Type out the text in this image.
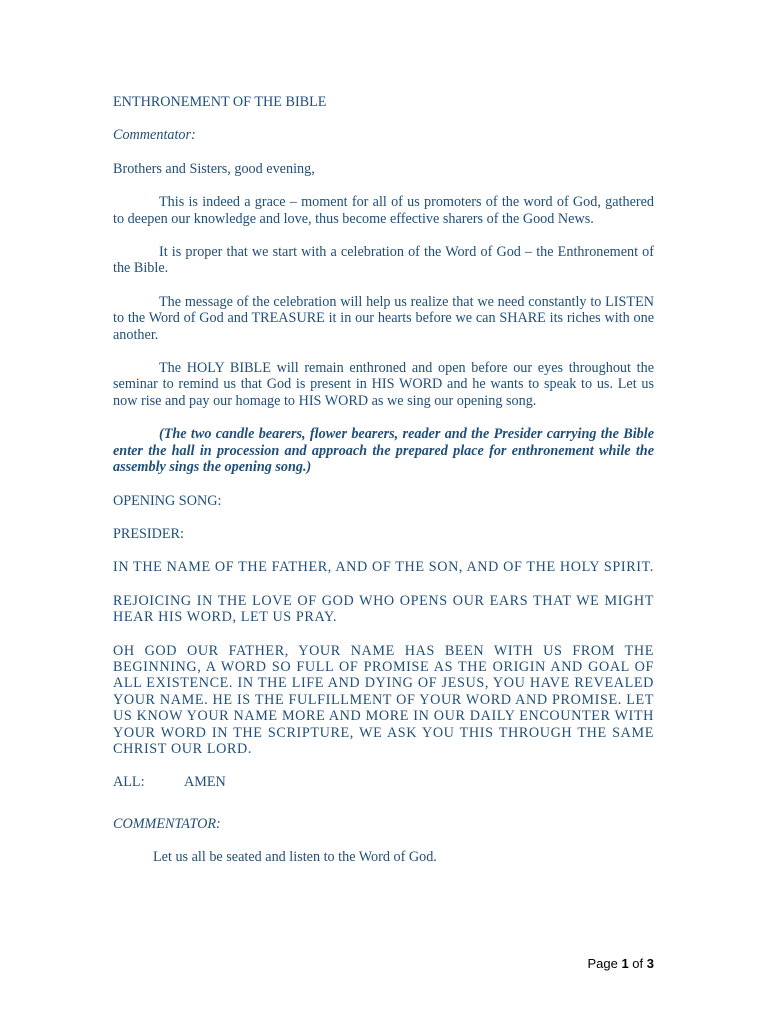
ENTHRONEMENT OF THE BIBLE

Commentator:

Brothers and Sisters, good evening,

This is indeed a grace – moment for all of us promoters of the word of God, gathered to deepen our knowledge and love, thus become effective sharers of the Good News.

It is proper that we start with a celebration of the Word of God – the Enthronement of the Bible.

The message of the celebration will help us realize that we need constantly to LISTEN to the Word of God and TREASURE it in our hearts before we can SHARE its riches with one another.

The HOLY BIBLE will remain enthroned and open before our eyes throughout the seminar to remind us that God is present in HIS WORD and he wants to speak to us. Let us now rise and pay our homage to HIS WORD as we sing our opening song.

(The two candle bearers, flower bearers, reader and the Presider carrying the Bible enter the hall in procession and approach the prepared place for enthronement while the assembly sings the opening song.)

OPENING SONG:

PRESIDER:

IN THE NAME OF THE FATHER, AND OF THE SON, AND OF THE HOLY SPIRIT.

REJOICING IN THE LOVE OF GOD WHO OPENS OUR EARS THAT WE MIGHT HEAR HIS WORD, LET US PRAY.

OH GOD OUR FATHER, YOUR NAME HAS BEEN WITH US FROM THE BEGINNING, A WORD SO FULL OF PROMISE AS THE ORIGIN AND GOAL OF ALL EXISTENCE. IN THE LIFE AND DYING OF JESUS, YOU HAVE REVEALED YOUR NAME. HE IS THE FULFILLMENT OF YOUR WORD AND PROMISE. LET US KNOW YOUR NAME MORE AND MORE IN OUR DAILY ENCOUNTER WITH YOUR WORD IN THE SCRIPTURE, WE ASK YOU THIS THROUGH THE SAME CHRIST OUR LORD.

ALL:	AMEN

COMMENTATOR:

Let us all be seated and listen to the Word of God.

Page 1 of 3
